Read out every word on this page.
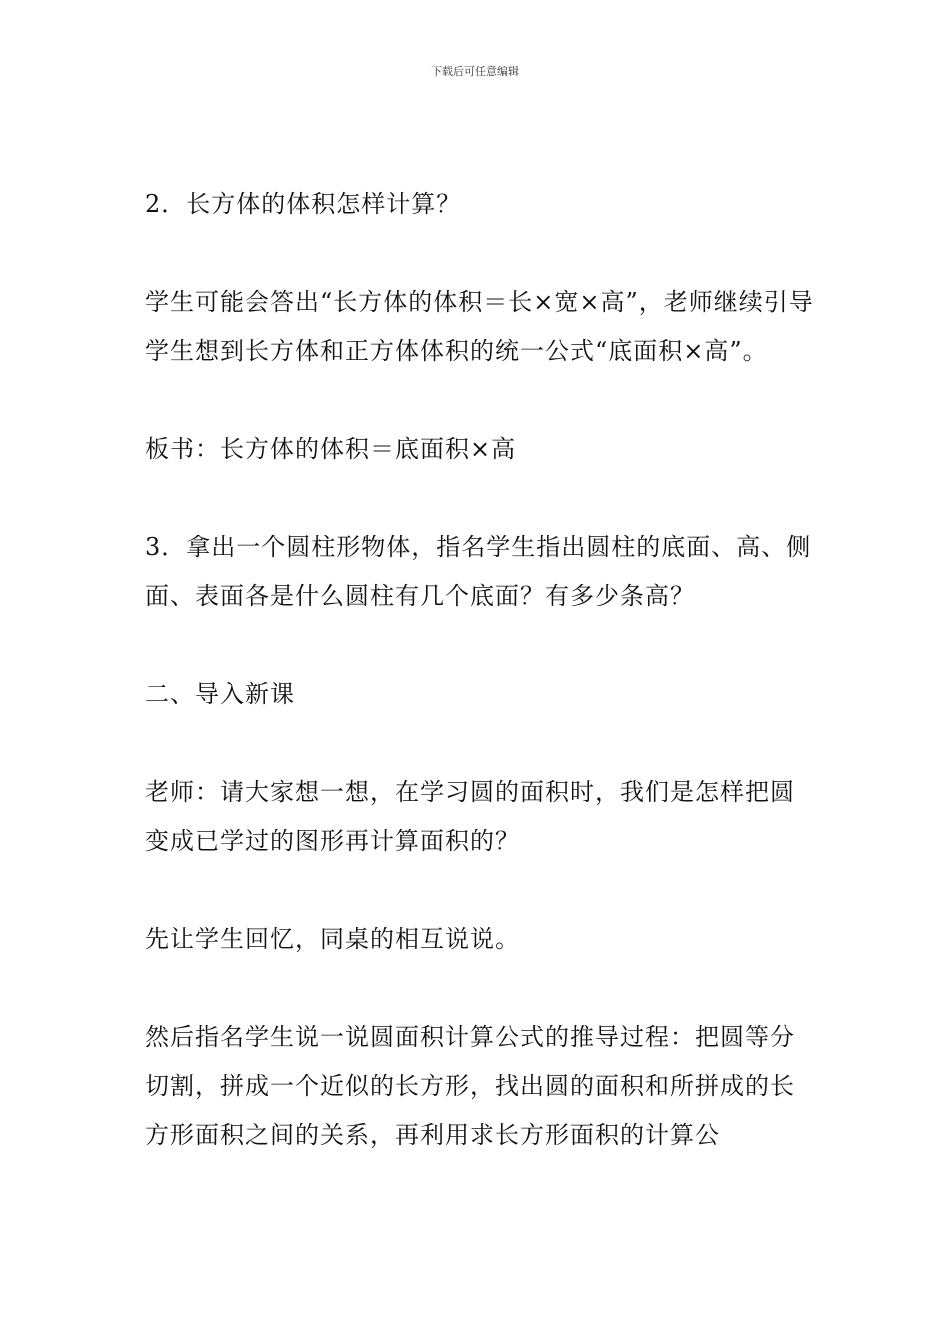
下载后可任意编辑

2．长方体的体积怎样计算？

学生可能会答出“长方体的体积＝长×宽×高”，老师继续引导学生想到长方体和正方体体积的统一公式“底面积×高”。

板书：长方体的体积＝底面积×高

3．拿出一个圆柱形物体，指名学生指出圆柱的底面、高、侧面、表面各是什么圆柱有几个底面？有多少条高？

二、导入新课

老师：请大家想一想，在学习圆的面积时，我们是怎样把圆变成已学过的图形再计算面积的？

先让学生回忆，同桌的相互说说。

然后指名学生说一说圆面积计算公式的推导过程：把圆等分切割，拼成一个近似的长方形，找出圆的面积和所拼成的长方形面积之间的关系，再利用求长方形面积的计算公
